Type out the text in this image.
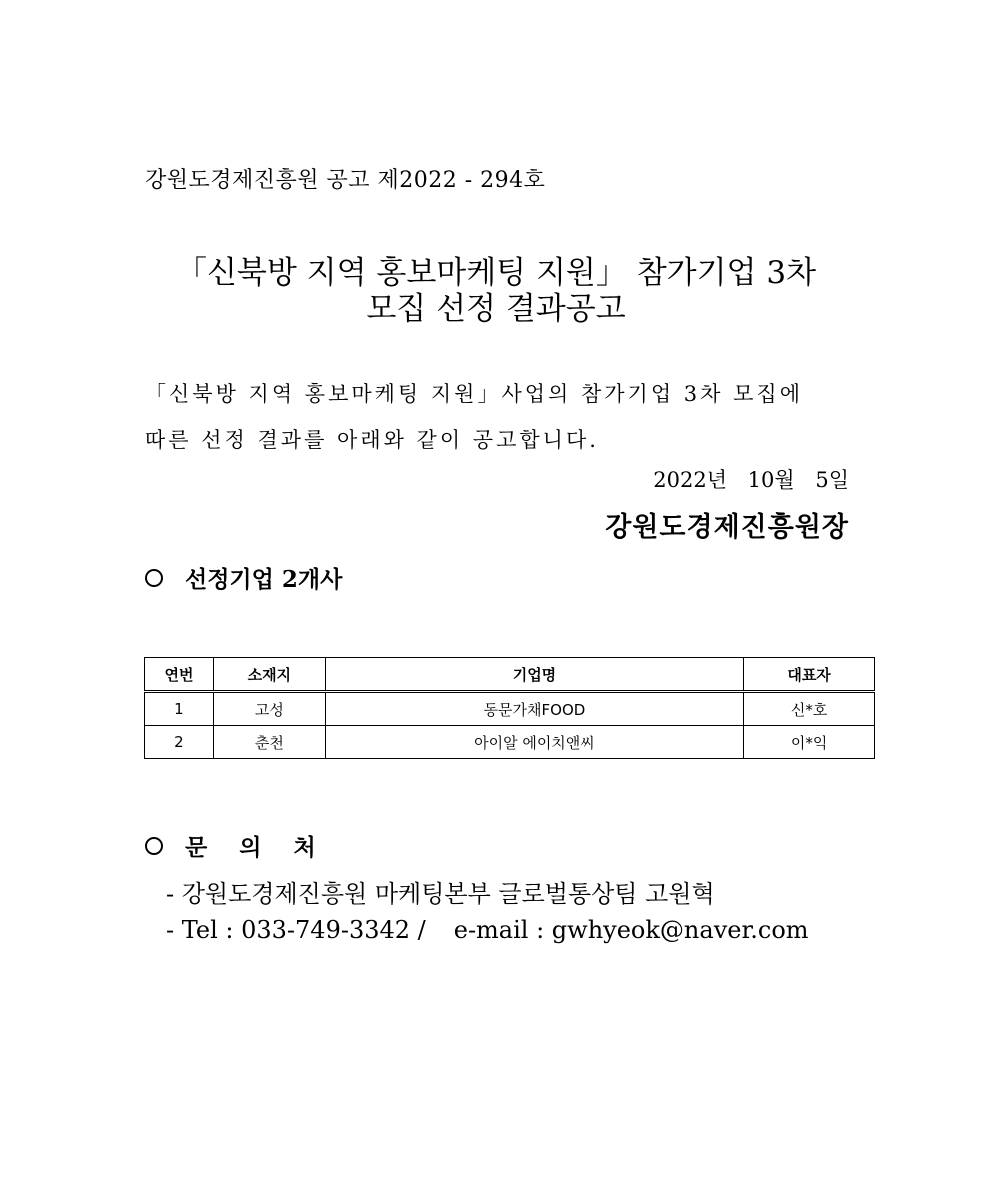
강원도경제진흥원 공고 제2022 - 294호
「신북방 지역 홍보마케팅 지원」 참가기업 3차
모집 선정 결과공고
「신북방 지역 홍보마케팅 지원」사업의 참가기업 3차 모집에
따른 선정 결과를 아래와 같이 공고합니다.
2022년 10월 5일
강원도경제진흥원장
선정기업 2개사
연번	소재지	기업명	대표자
1	고성	동문가채FOOD	신*호
2	춘천	아이알 에이치앤씨	이*익
문 의 처
- 강원도경제진흥원 마케팅본부 글로벌통상팀 고원혁
- Tel : 033-749-3342 / e-mail : gwhyeok@naver.com
